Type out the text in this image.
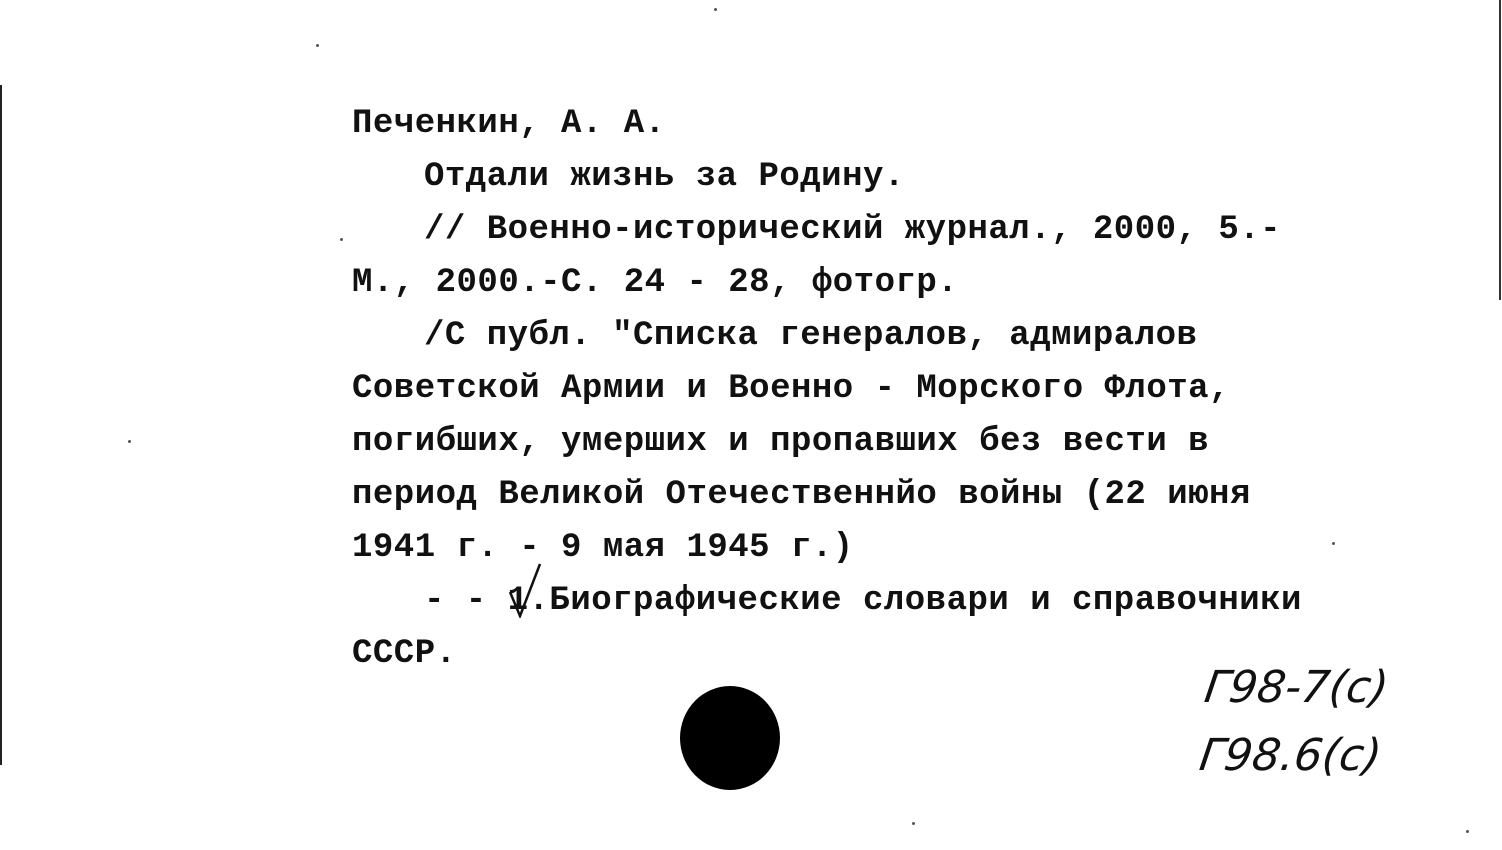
Печенкин, А. А.
Отдали жизнь за Родину.
// Военно-исторический журнал., 2000, 5.-
М., 2000.-С. 24 - 28, фотогр.
/С публ. "Списка генералов, адмиралов
Советской Армии и Военно - Морского Флота,
погибших, умерших и пропавших без вести в
период Великой Отечественнйо войны (22 июня
1941 г. - 9 мая 1945 г.)
- - 1.Биографические словари и справочники
СССР.
Г98-7(с)
Г98.6(с)
